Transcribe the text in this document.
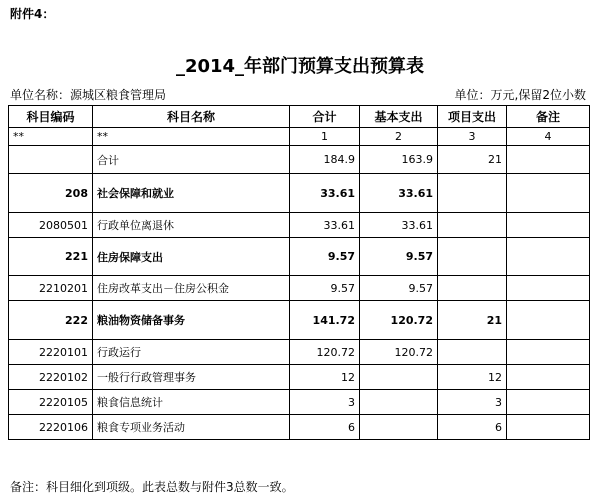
附件4：
_2014_年部门预算支出预算表
单位名称：源城区粮食管理局	单位：万元,保留2位小数
科目编码	科目名称	合计	基本支出	项目支出	备注
**	**	1	2	3	4
	合计	184.9	163.9	21	
208	社会保障和就业	33.61	33.61		
2080501	行政单位离退休	33.61	33.61		
221	住房保障支出	9.57	9.57		
2210201	住房改革支出－住房公积金	9.57	9.57		
222	粮油物资储备事务	141.72	120.72	21	
2220101	行政运行	120.72	120.72		
2220102	一般行行政管理事务	12		12	
2220105	粮食信息统计	3		3	
2220106	粮食专项业务活动	6		6	
备注：科目细化到项级。此表总数与附件3总数一致。
